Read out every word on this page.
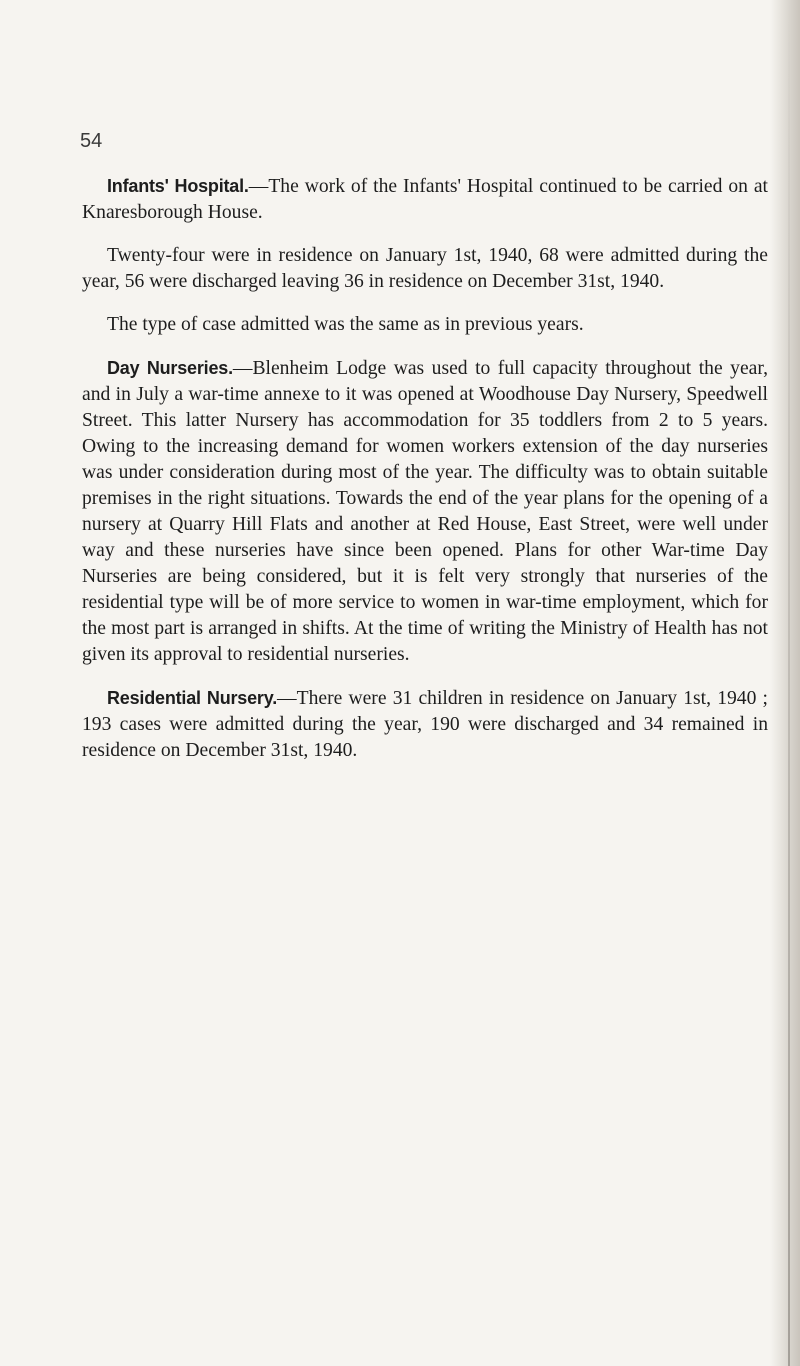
54

Infants' Hospital.—The work of the Infants' Hospital continued to be carried on at Knaresborough House.

Twenty-four were in residence on January 1st, 1940, 68 were admitted during the year, 56 were discharged leaving 36 in residence on December 31st, 1940.

The type of case admitted was the same as in previous years.

Day Nurseries.—Blenheim Lodge was used to full capacity throughout the year, and in July a war-time annexe to it was opened at Woodhouse Day Nursery, Speedwell Street. This latter Nursery has accommodation for 35 toddlers from 2 to 5 years. Owing to the increasing demand for women workers extension of the day nurseries was under consideration during most of the year. The difficulty was to obtain suitable premises in the right situations. Towards the end of the year plans for the opening of a nursery at Quarry Hill Flats and another at Red House, East Street, were well under way and these nurseries have since been opened. Plans for other War-time Day Nurseries are being considered, but it is felt very strongly that nurseries of the residential type will be of more service to women in war-time employment, which for the most part is arranged in shifts. At the time of writing the Ministry of Health has not given its approval to residential nurseries.

Residential Nursery.—There were 31 children in residence on January 1st, 1940 ; 193 cases were admitted during the year, 190 were discharged and 34 remained in residence on December 31st, 1940.
